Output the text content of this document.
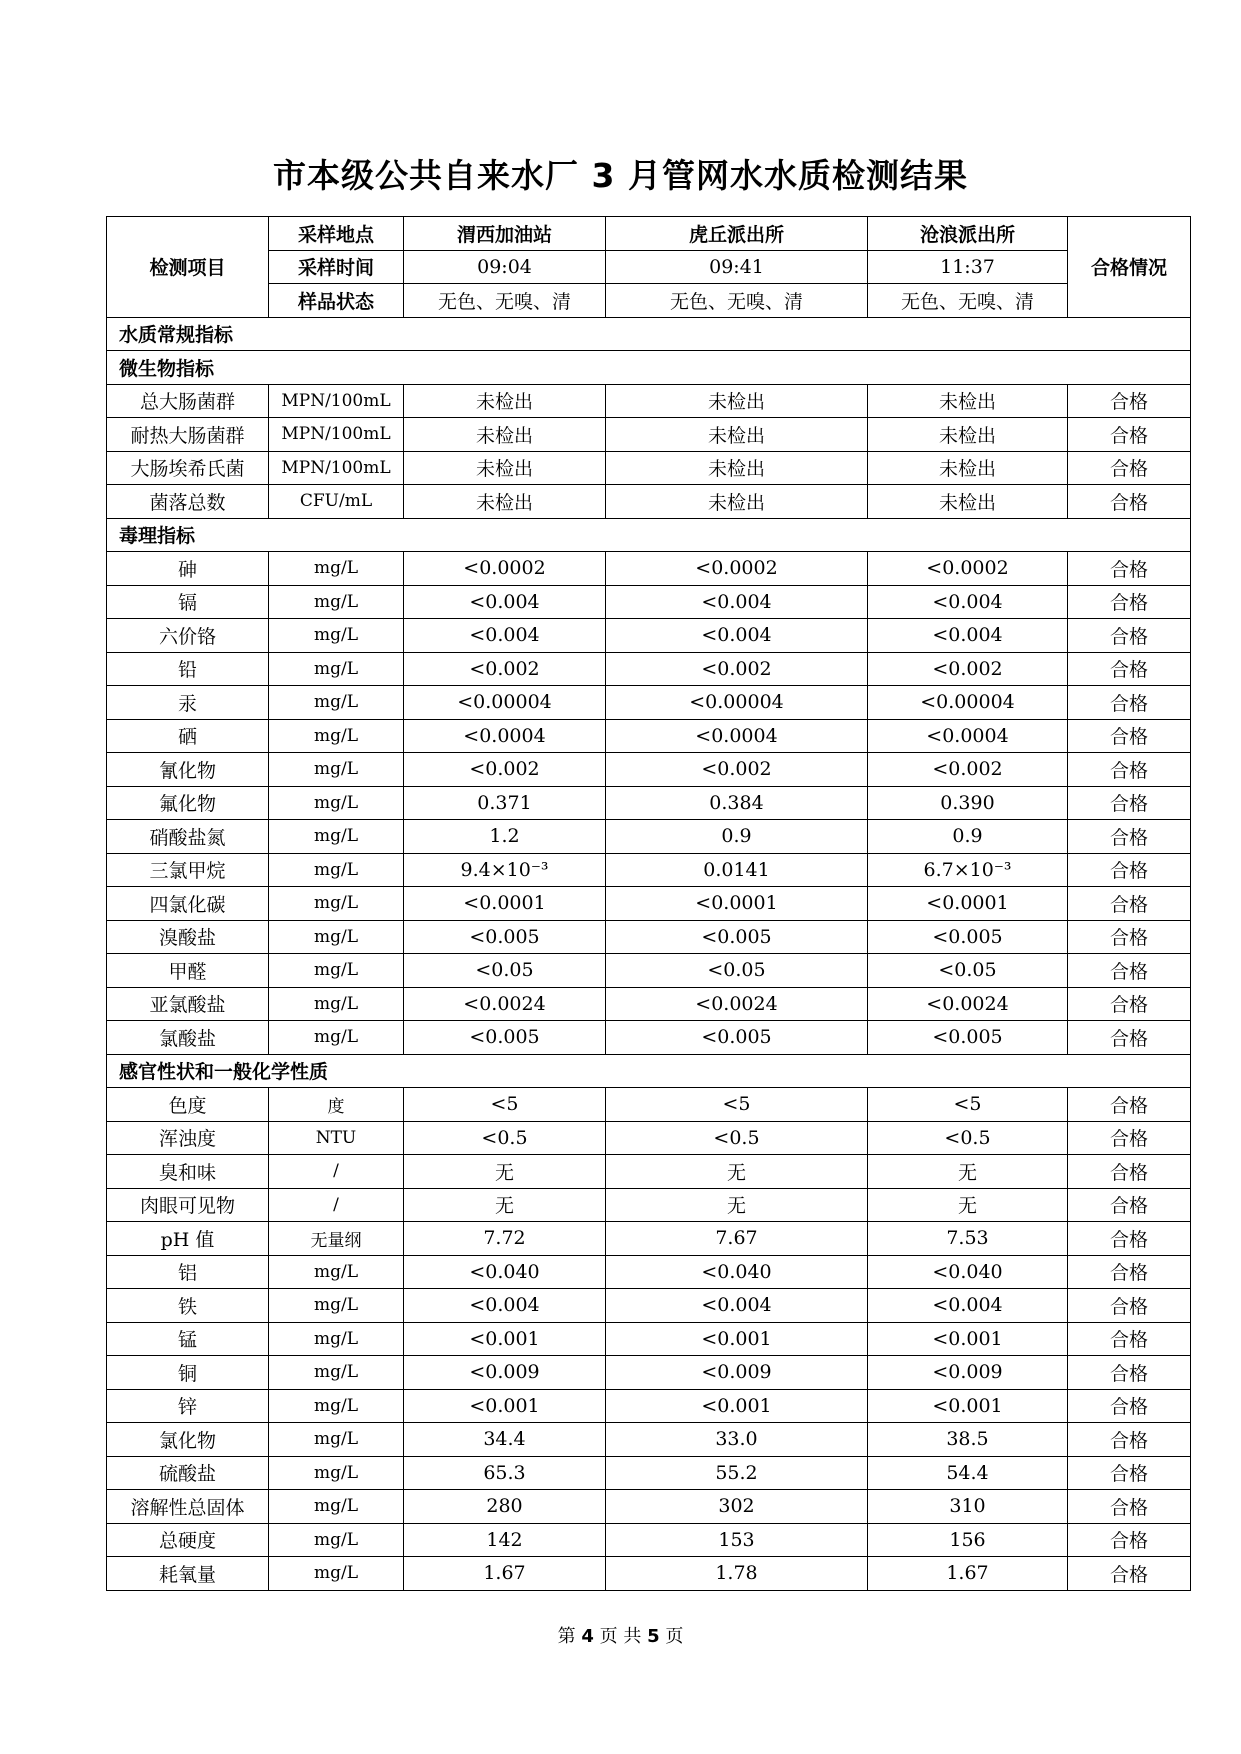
市本级公共自来水厂 3 月管网水水质检测结果
检测项目	采样地点	渭西加油站	虎丘派出所	沧浪派出所	合格情况
	采样时间	09:04	09:41	11:37	
	样品状态	无色、无嗅、清	无色、无嗅、清	无色、无嗅、清	
水质常规指标					
微生物指标					
总大肠菌群	MPN/100mL	未检出	未检出	未检出	合格
耐热大肠菌群	MPN/100mL	未检出	未检出	未检出	合格
大肠埃希氏菌	MPN/100mL	未检出	未检出	未检出	合格
菌落总数	CFU/mL	未检出	未检出	未检出	合格
毒理指标					
砷	mg/L	<0.0002	<0.0002	<0.0002	合格
镉	mg/L	<0.004	<0.004	<0.004	合格
六价铬	mg/L	<0.004	<0.004	<0.004	合格
铅	mg/L	<0.002	<0.002	<0.002	合格
汞	mg/L	<0.00004	<0.00004	<0.00004	合格
硒	mg/L	<0.0004	<0.0004	<0.0004	合格
氰化物	mg/L	<0.002	<0.002	<0.002	合格
氟化物	mg/L	0.371	0.384	0.390	合格
硝酸盐氮	mg/L	1.2	0.9	0.9	合格
三氯甲烷	mg/L	9.4×10⁻³	0.0141	6.7×10⁻³	合格
四氯化碳	mg/L	<0.0001	<0.0001	<0.0001	合格
溴酸盐	mg/L	<0.005	<0.005	<0.005	合格
甲醛	mg/L	<0.05	<0.05	<0.05	合格
亚氯酸盐	mg/L	<0.0024	<0.0024	<0.0024	合格
氯酸盐	mg/L	<0.005	<0.005	<0.005	合格
感官性状和一般化学性质					
色度	度	<5	<5	<5	合格
浑浊度	NTU	<0.5	<0.5	<0.5	合格
臭和味	/	无	无	无	合格
肉眼可见物	/	无	无	无	合格
pH 值	无量纲	7.72	7.67	7.53	合格
铝	mg/L	<0.040	<0.040	<0.040	合格
铁	mg/L	<0.004	<0.004	<0.004	合格
锰	mg/L	<0.001	<0.001	<0.001	合格
铜	mg/L	<0.009	<0.009	<0.009	合格
锌	mg/L	<0.001	<0.001	<0.001	合格
氯化物	mg/L	34.4	33.0	38.5	合格
硫酸盐	mg/L	65.3	55.2	54.4	合格
溶解性总固体	mg/L	280	302	310	合格
总硬度	mg/L	142	153	156	合格
耗氧量	mg/L	1.67	1.78	1.67	合格
第 4 页 共 5 页
